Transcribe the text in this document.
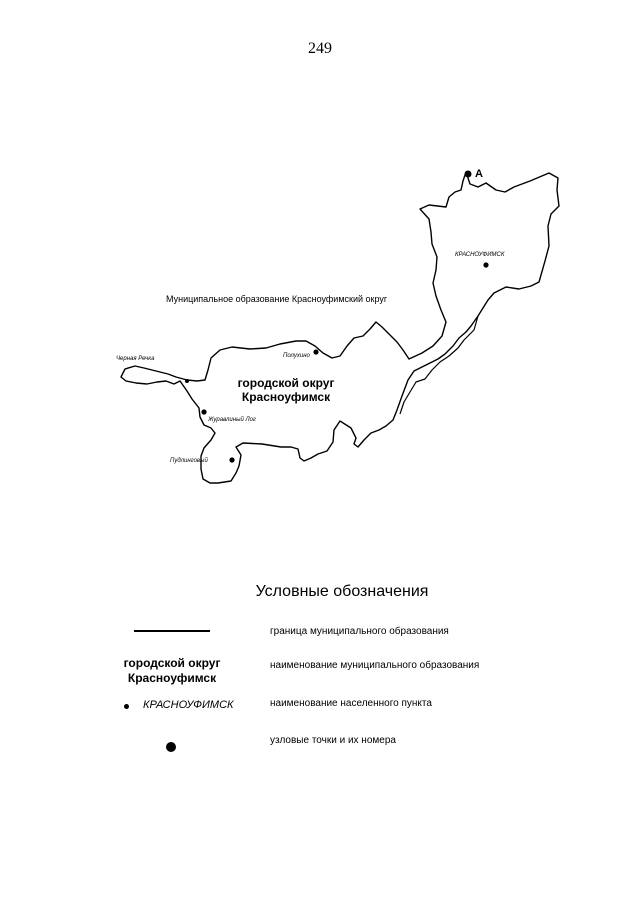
249
А
КРАСНОУФИМСК
Муниципальное образование Красноуфимский округ
Черная Речка	Полухино
Журавлиный Лог
Пудлинговый
городской округ
Красноуфимск
Условные обозначения
граница муниципального образования
городской округ
Красноуфимск
наименование муниципального образования
КРАСНОУФИМСК	наименование населенного пункта
узловые точки и их номера
